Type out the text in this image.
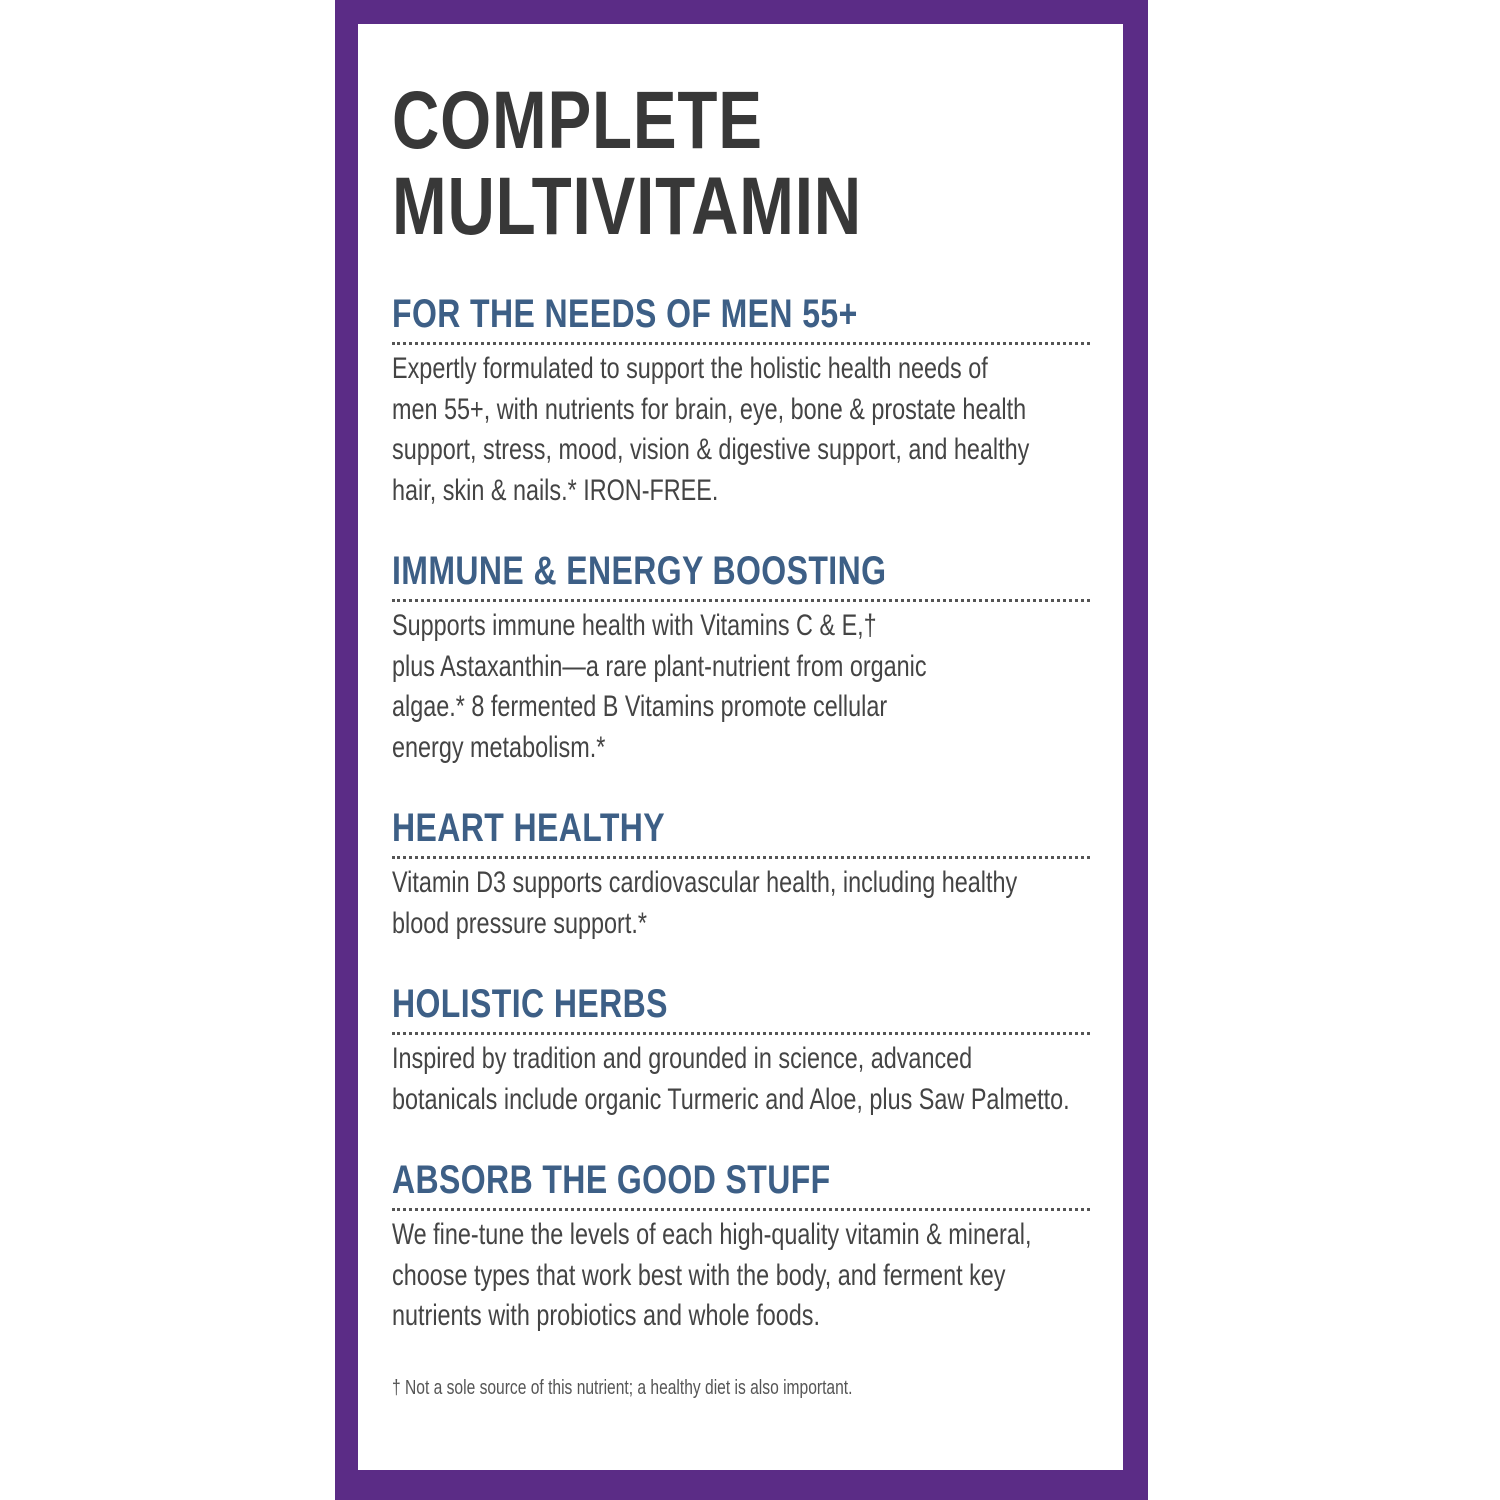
COMPLETE
MULTIVITAMIN
FOR THE NEEDS OF MEN 55+
Expertly formulated to support the holistic health needs of
men 55+, with nutrients for brain, eye, bone & prostate health
support, stress, mood, vision & digestive support, and healthy
hair, skin & nails.* IRON-FREE.
IMMUNE & ENERGY BOOSTING
Supports immune health with Vitamins C & E,†
plus Astaxanthin—a rare plant-nutrient from organic
algae.* 8 fermented B Vitamins promote cellular
energy metabolism.*
HEART HEALTHY
Vitamin D3 supports cardiovascular health, including healthy
blood pressure support.*
HOLISTIC HERBS
Inspired by tradition and grounded in science, advanced
botanicals include organic Turmeric and Aloe, plus Saw Palmetto.
ABSORB THE GOOD STUFF
We fine-tune the levels of each high-quality vitamin & mineral,
choose types that work best with the body, and ferment key
nutrients with probiotics and whole foods.

† Not a sole source of this nutrient; a healthy diet is also important.
